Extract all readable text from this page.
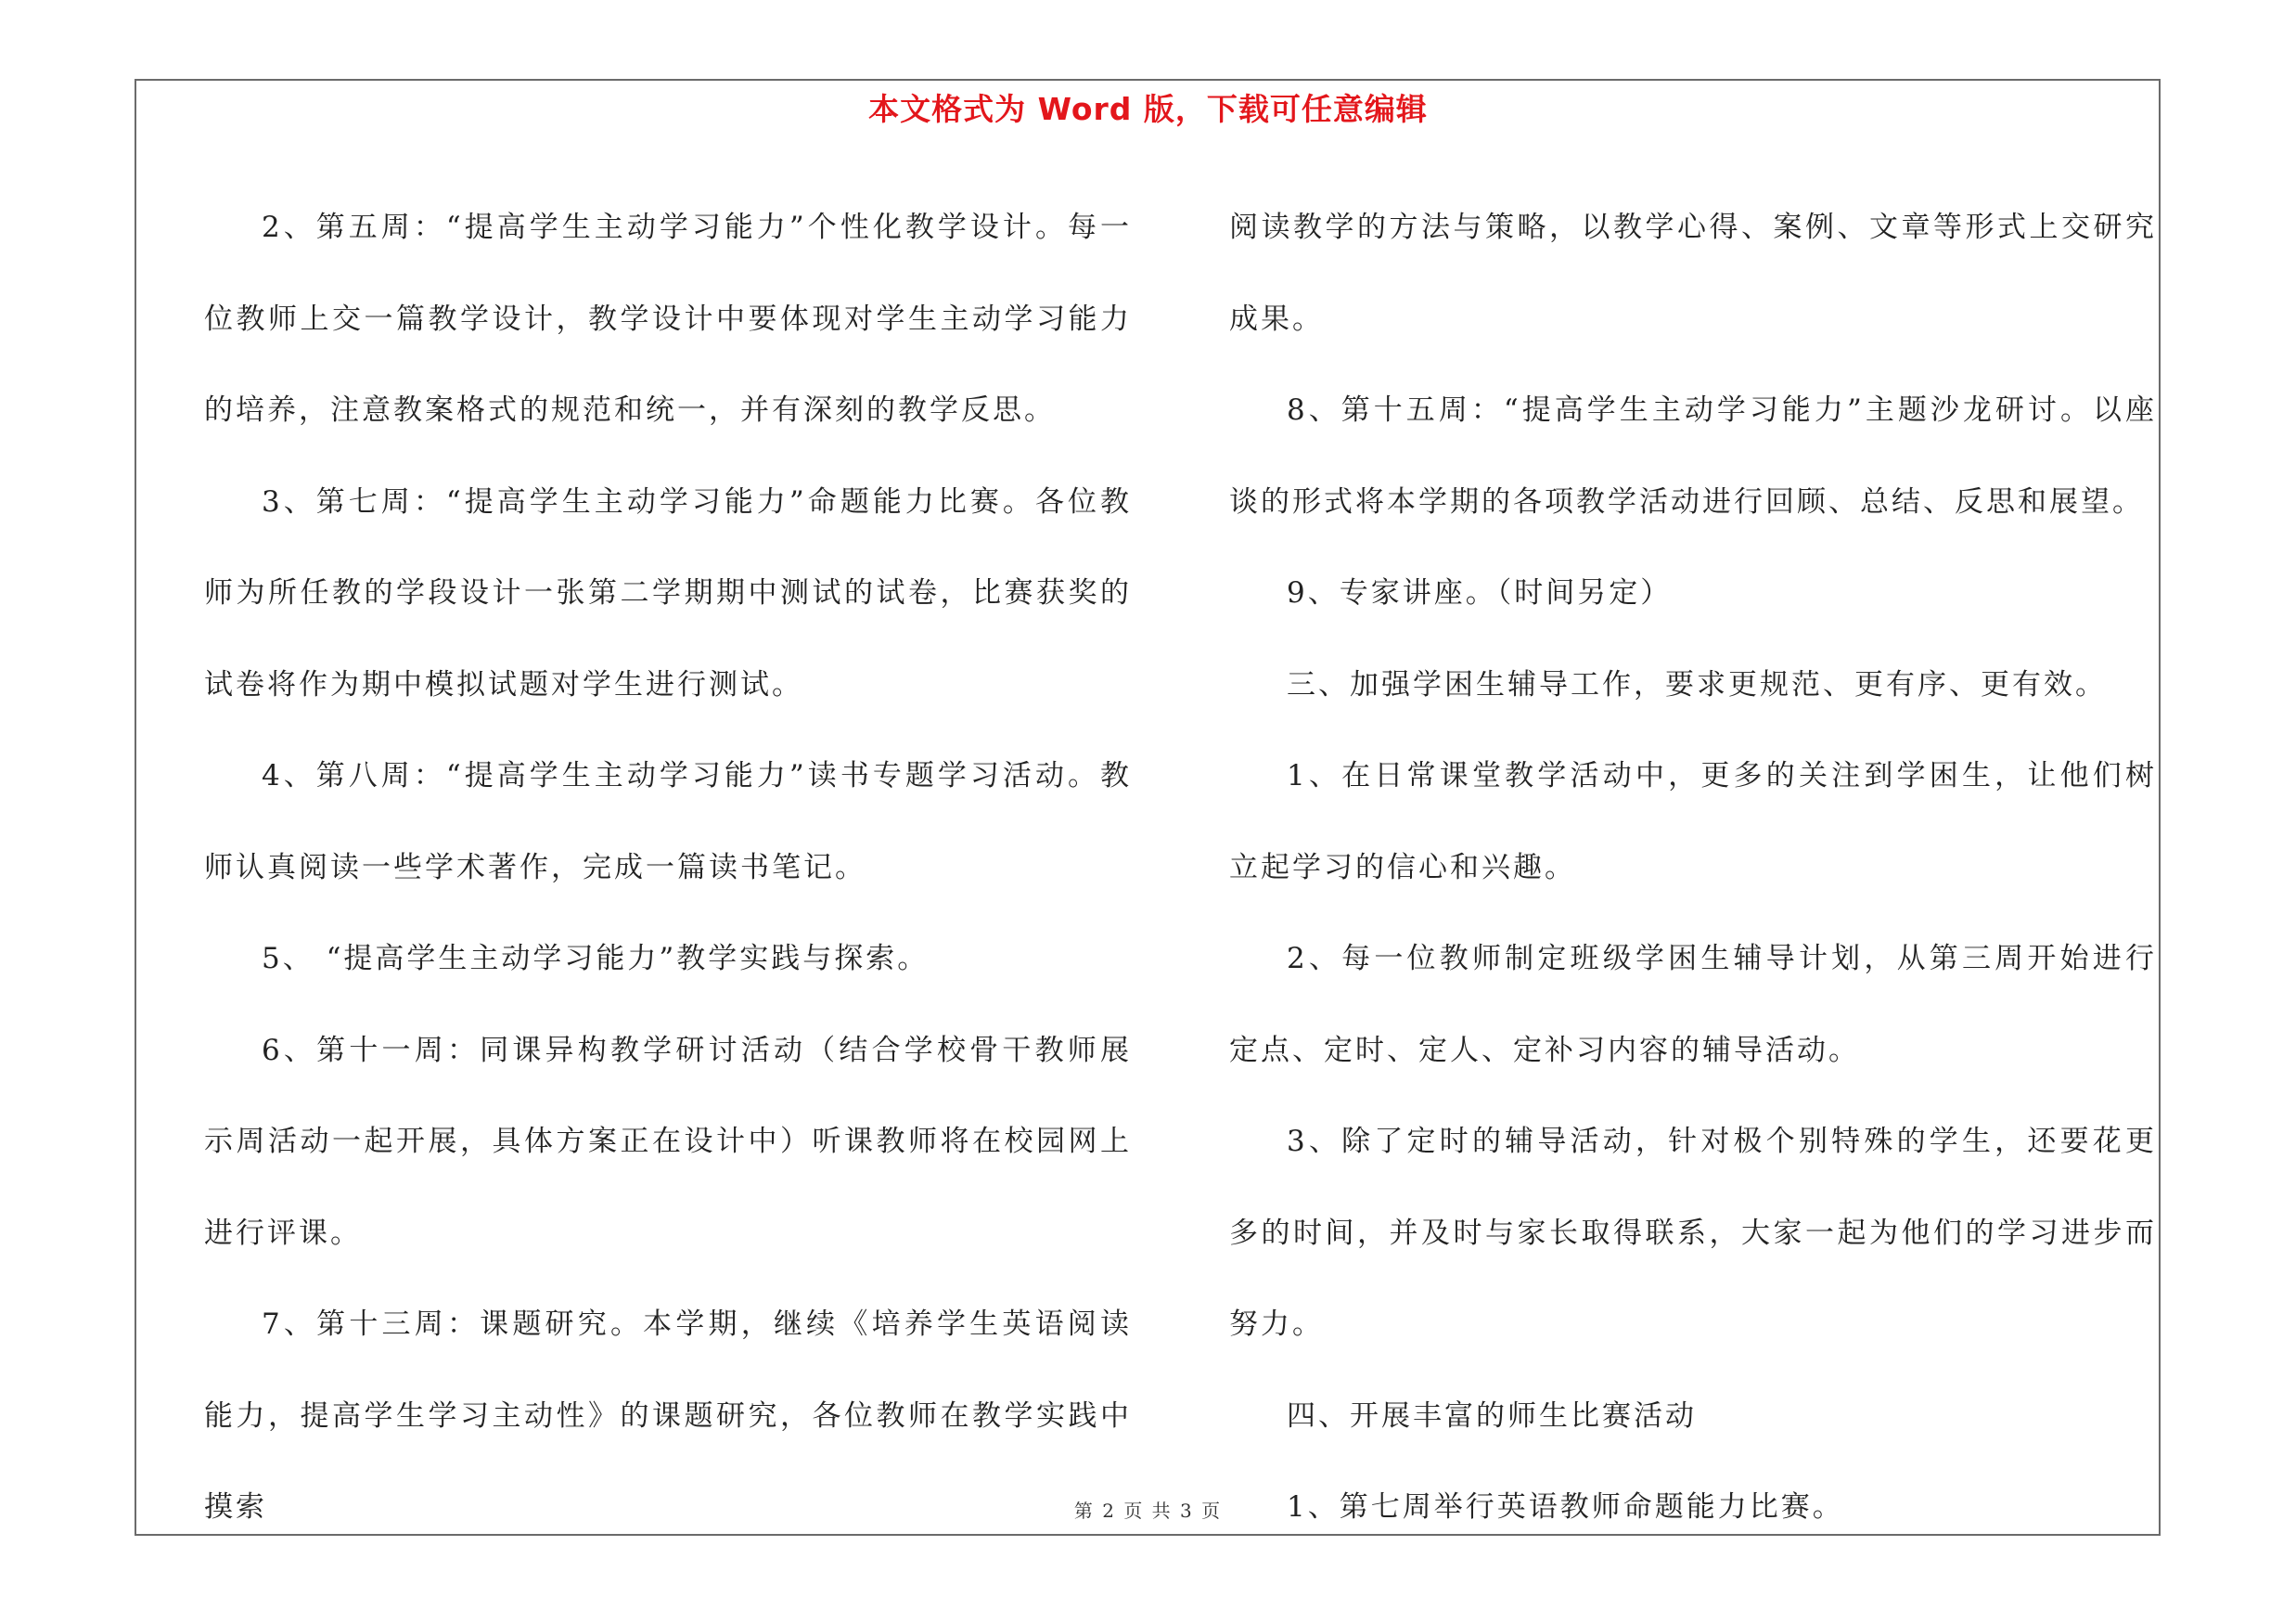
本文格式为 Word 版，下载可任意编辑

2、第五周：“提高学生主动学习能力”个性化教学设计。每一位教师上交一篇教学设计，教学设计中要体现对学生主动学习能力的培养，注意教案格式的规范和统一，并有深刻的教学反思。

3、第七周：“提高学生主动学习能力”命题能力比赛。各位教师为所任教的学段设计一张第二学期期中测试的试卷，比赛获奖的试卷将作为期中模拟试题对学生进行测试。

4、第八周：“提高学生主动学习能力”读书专题学习活动。教师认真阅读一些学术著作，完成一篇读书笔记。

5、 “提高学生主动学习能力”教学实践与探索。

6、第十一周：同课异构教学研讨活动（结合学校骨干教师展示周活动一起开展，具体方案正在设计中）听课教师将在校园网上进行评课。

7、第十三周：课题研究。本学期，继续《培养学生英语阅读能力，提高学生学习主动性》的课题研究，各位教师在教学实践中摸索

阅读教学的方法与策略，以教学心得、案例、文章等形式上交研究成果。

8、第十五周：“提高学生主动学习能力”主题沙龙研讨。以座谈的形式将本学期的各项教学活动进行回顾、总结、反思和展望。

9、专家讲座。（时间另定）

三、加强学困生辅导工作，要求更规范、更有序、更有效。

1、在日常课堂教学活动中，更多的关注到学困生，让他们树立起学习的信心和兴趣。

2、每一位教师制定班级学困生辅导计划，从第三周开始进行定点、定时、定人、定补习内容的辅导活动。

3、除了定时的辅导活动，针对极个别特殊的学生，还要花更多的时间，并及时与家长取得联系，大家一起为他们的学习进步而努力。

四、开展丰富的师生比赛活动

1、第七周举行英语教师命题能力比赛。

第 2 页 共 3 页
